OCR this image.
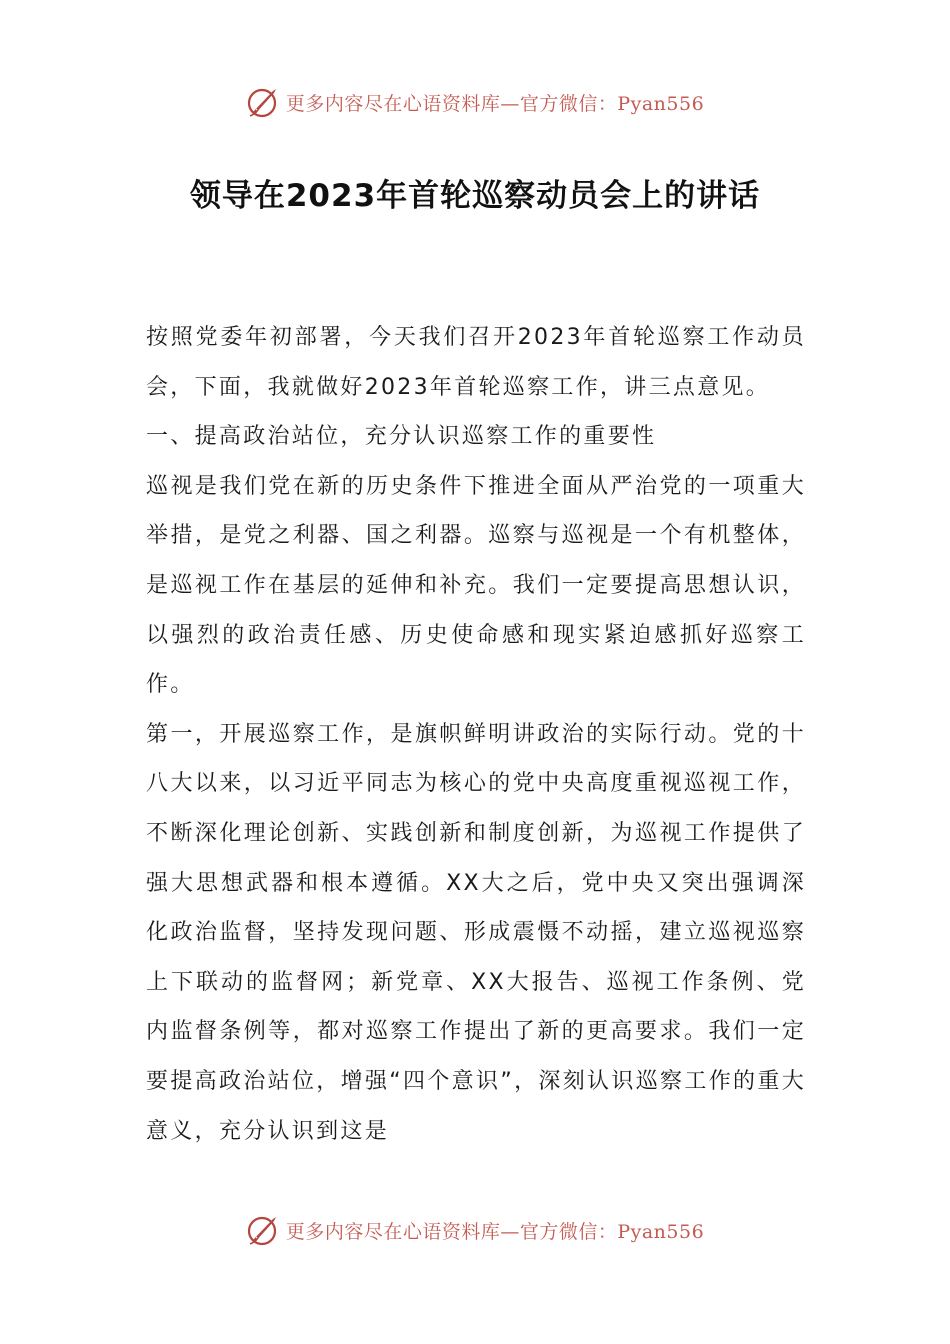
更多内容尽在心语资料库—官方微信：Pyan556
领导在2023年首轮巡察动员会上的讲话

按照党委年初部署，今天我们召开2023年首轮巡察工作动员会，下面，我就做好2023年首轮巡察工作，讲三点意见。

一、提高政治站位，充分认识巡察工作的重要性

巡视是我们党在新的历史条件下推进全面从严治党的一项重大举措，是党之利器、国之利器。巡察与巡视是一个有机整体，是巡视工作在基层的延伸和补充。我们一定要提高思想认识，以强烈的政治责任感、历史使命感和现实紧迫感抓好巡察工作。

第一，开展巡察工作，是旗帜鲜明讲政治的实际行动。党的十八大以来，以习近平同志为核心的党中央高度重视巡视工作，不断深化理论创新、实践创新和制度创新，为巡视工作提供了强大思想武器和根本遵循。XX大之后，党中央又突出强调深化政治监督，坚持发现问题、形成震慑不动摇，建立巡视巡察上下联动的监督网；新党章、XX大报告、巡视工作条例、党内监督条例等，都对巡察工作提出了新的更高要求。我们一定要提高政治站位，增强“四个意识”，深刻认识巡察工作的重大意义，充分认识到这是

更多内容尽在心语资料库—官方微信：Pyan556
